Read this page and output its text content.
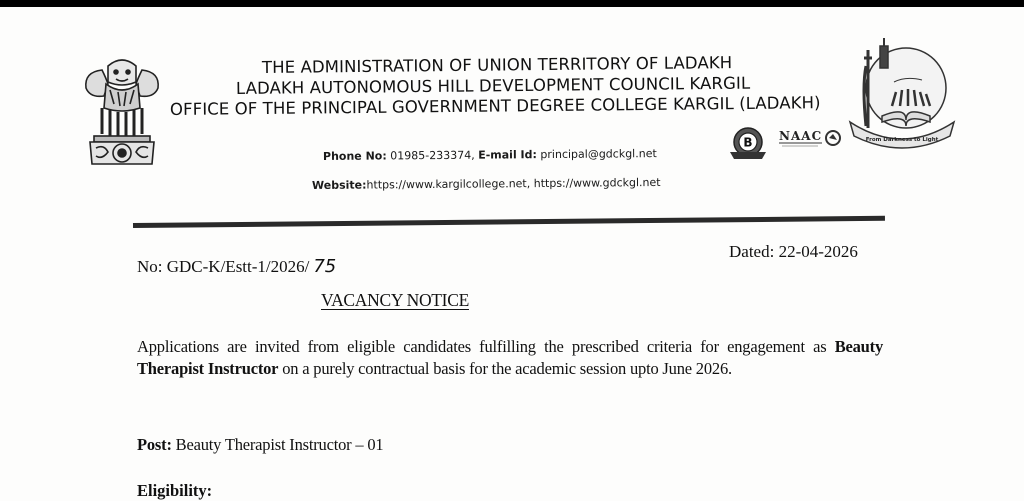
THE ADMINISTRATION OF UNION TERRITORY OF LADAKH
LADAKH AUTONOMOUS HILL DEVELOPMENT COUNCIL KARGIL
OFFICE OF THE PRINCIPAL GOVERNMENT DEGREE COLLEGE KARGIL (LADAKH)
Phone No: 01985-233374, E-mail Id: principal@gdckgl.net
Website:https://www.kargilcollege.net, https://www.gdckgl.net
B NAAC	From Darkness to Light
No: GDC-K/Estt-1/2026/ 75
Dated: 22-04-2026
VACANCY NOTICE
Applications are invited from eligible candidates fulfilling the prescribed criteria for engagement as Beauty Therapist Instructor on a purely contractual basis for the academic session upto June 2026.
Post: Beauty Therapist Instructor – 01
Eligibility:
